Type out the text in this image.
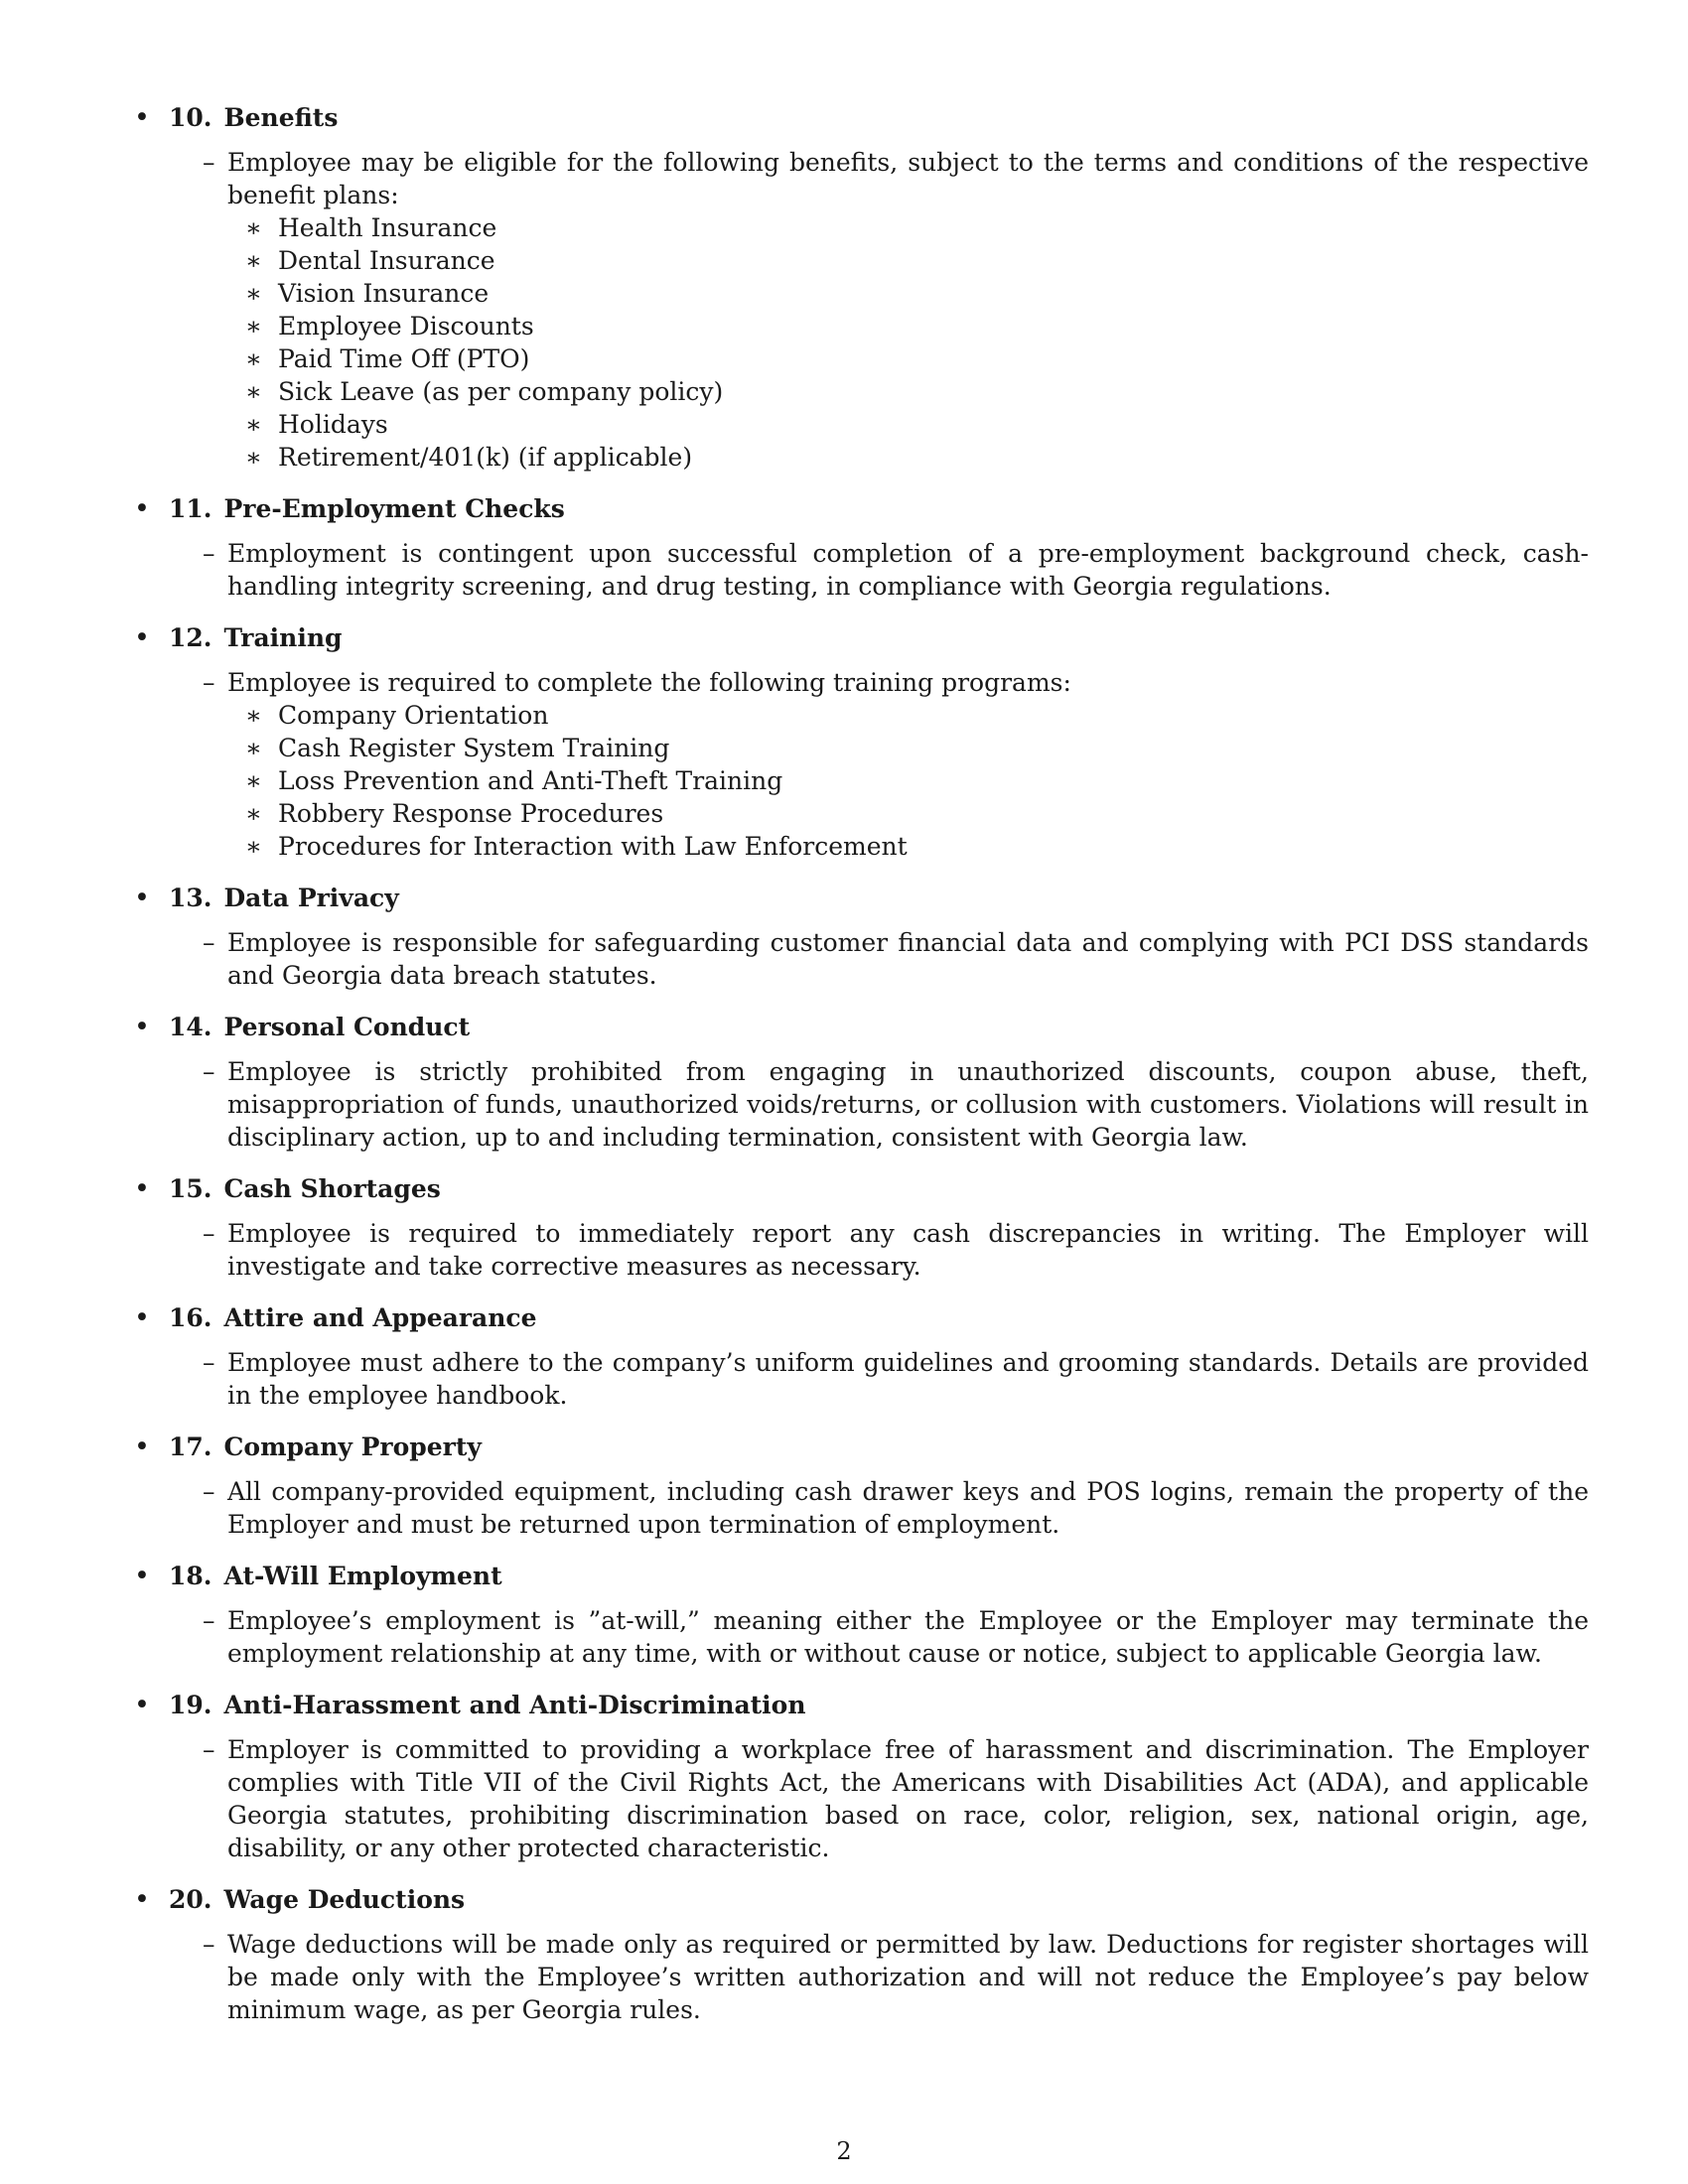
• 10. Benefits
– Employee may be eligible for the following benefits, subject to the terms and conditions of the respective benefit plans:
∗ Health Insurance
∗ Dental Insurance
∗ Vision Insurance
∗ Employee Discounts
∗ Paid Time Off (PTO)
∗ Sick Leave (as per company policy)
∗ Holidays
∗ Retirement/401(k) (if applicable)
• 11. Pre-Employment Checks
– Employment is contingent upon successful completion of a pre-employment background check, cash-handling integrity screening, and drug testing, in compliance with Georgia regulations.
• 12. Training
– Employee is required to complete the following training programs:
∗ Company Orientation
∗ Cash Register System Training
∗ Loss Prevention and Anti-Theft Training
∗ Robbery Response Procedures
∗ Procedures for Interaction with Law Enforcement
• 13. Data Privacy
– Employee is responsible for safeguarding customer financial data and complying with PCI DSS standards and Georgia data breach statutes.
• 14. Personal Conduct
– Employee is strictly prohibited from engaging in unauthorized discounts, coupon abuse, theft, misappropriation of funds, unauthorized voids/returns, or collusion with customers. Violations will result in disciplinary action, up to and including termination, consistent with Georgia law.
• 15. Cash Shortages
– Employee is required to immediately report any cash discrepancies in writing. The Employer will investigate and take corrective measures as necessary.
• 16. Attire and Appearance
– Employee must adhere to the company’s uniform guidelines and grooming standards. Details are provided in the employee handbook.
• 17. Company Property
– All company-provided equipment, including cash drawer keys and POS logins, remain the property of the Employer and must be returned upon termination of employment.
• 18. At-Will Employment
– Employee’s employment is ”at-will,” meaning either the Employee or the Employer may terminate the employment relationship at any time, with or without cause or notice, subject to applicable Georgia law.
• 19. Anti-Harassment and Anti-Discrimination
– Employer is committed to providing a workplace free of harassment and discrimination. The Employer complies with Title VII of the Civil Rights Act, the Americans with Disabilities Act (ADA), and applicable Georgia statutes, prohibiting discrimination based on race, color, religion, sex, national origin, age, disability, or any other protected characteristic.
• 20. Wage Deductions
– Wage deductions will be made only as required or permitted by law. Deductions for register shortages will be made only with the Employee’s written authorization and will not reduce the Employee’s pay below minimum wage, as per Georgia rules.
2
